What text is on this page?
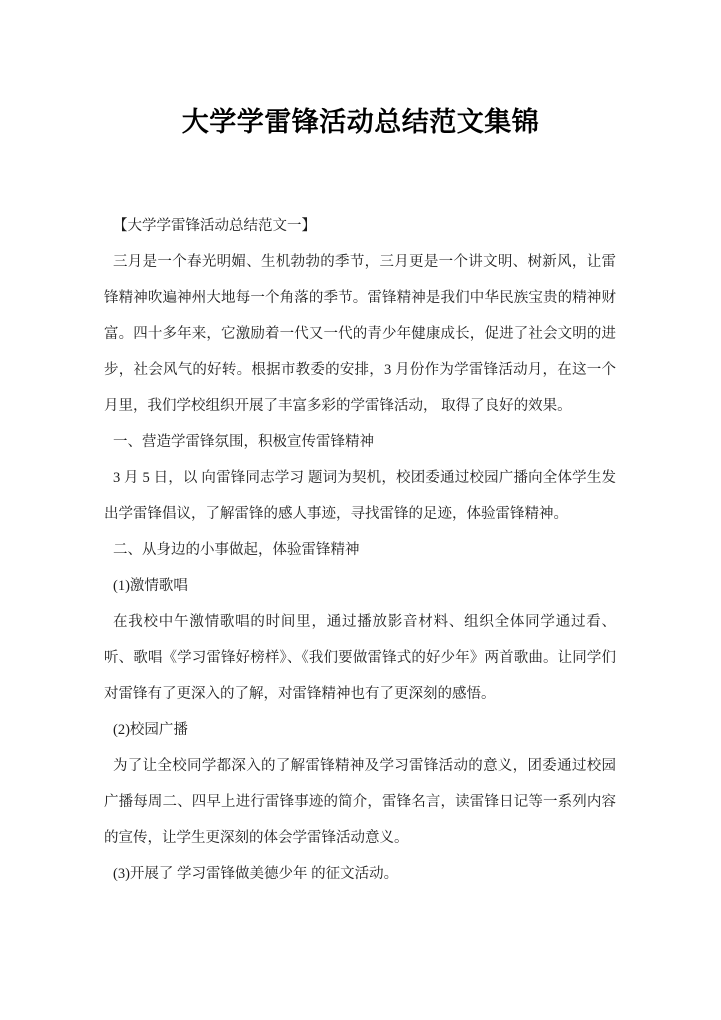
大学学雷锋活动总结范文集锦

【大学学雷锋活动总结范文一】

三月是一个春光明媚、生机勃勃的季节，三月更是一个讲文明、树新风，让雷锋精神吹遍神州大地每一个角落的季节。雷锋精神是我们中华民族宝贵的精神财富。四十多年来，它激励着一代又一代的青少年健康成长，促进了社会文明的进步，社会风气的好转。根据市教委的安排，3 月份作为学雷锋活动月，在这一个月里，我们学校组织开展了丰富多彩的学雷锋活动， 取得了良好的效果。

一、营造学雷锋氛围，积极宣传雷锋精神

3 月 5 日，以 向雷锋同志学习 题词为契机，校团委通过校园广播向全体学生发出学雷锋倡议，了解雷锋的感人事迹，寻找雷锋的足迹，体验雷锋精神。

二、从身边的小事做起，体验雷锋精神

(1)激情歌唱

在我校中午激情歌唱的时间里，通过播放影音材料、组织全体同学通过看、听、歌唱《学习雷锋好榜样》、《我们要做雷锋式的好少年》两首歌曲。让同学们对雷锋有了更深入的了解，对雷锋精神也有了更深刻的感悟。

(2)校园广播

为了让全校同学都深入的了解雷锋精神及学习雷锋活动的意义，团委通过校园广播每周二、四早上进行雷锋事迹的简介，雷锋名言，读雷锋日记等一系列内容的宣传，让学生更深刻的体会学雷锋活动意义。

(3)开展了 学习雷锋做美德少年 的征文活动。
